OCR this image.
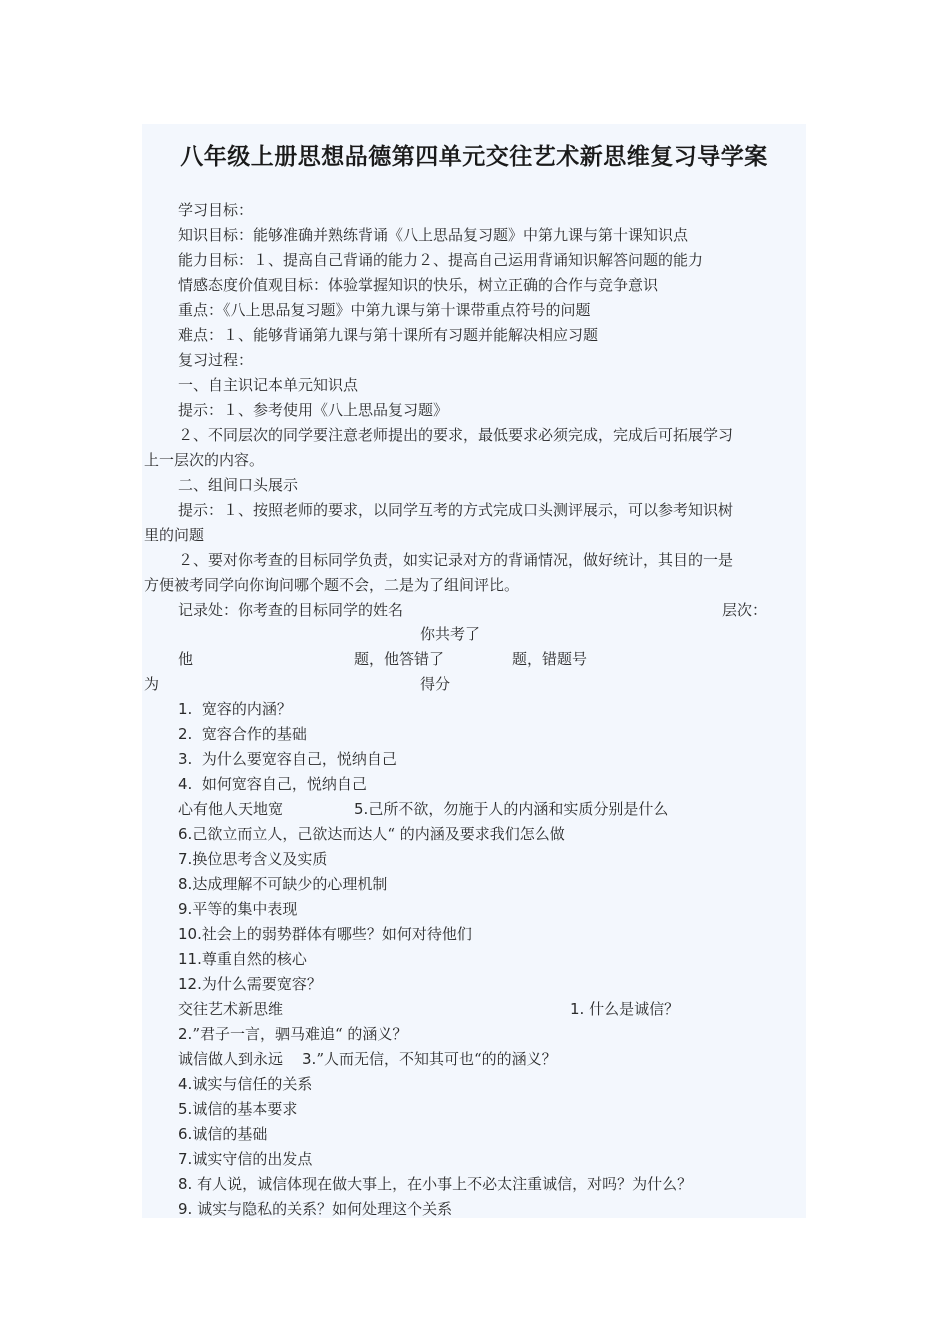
八年级上册思想品德第四单元交往艺术新思维复习导学案
学习目标：
知识目标：能够准确并熟练背诵《八上思品复习题》中第九课与第十课知识点
能力目标：１、提高自己背诵的能力２、提高自己运用背诵知识解答问题的能力
情感态度价值观目标：体验掌握知识的快乐，树立正确的合作与竞争意识
重点：《八上思品复习题》中第九课与第十课带重点符号的问题
难点：１、能够背诵第九课与第十课所有习题并能解决相应习题
复习过程：
一、自主识记本单元知识点
提示：１、参考使用《八上思品复习题》
２、不同层次的同学要注意老师提出的要求，最低要求必须完成，完成后可拓展学习
上一层次的内容。
二、组间口头展示
提示：１、按照老师的要求，以同学互考的方式完成口头测评展示，可以参考知识树
里的问题
２、要对你考查的目标同学负责，如实记录对方的背诵情况，做好统计，其目的一是
方便被考同学向你询问哪个题不会，二是为了组间评比。
记录处：你考查的目标同学的姓名	层次：
你共考了
他	题，他答错了	题，错题号
为	得分
1. 宽容的内涵？
2. 宽容合作的基础
3. 为什么要宽容自己，悦纳自己
4. 如何宽容自己，悦纳自己
心有他人天地宽	5.己所不欲，勿施于人的内涵和实质分别是什么
6.己欲立而立人，己欲达而达人“ 的内涵及要求我们怎么做
7.换位思考含义及实质
8.达成理解不可缺少的心理机制
9.平等的集中表现
10.社会上的弱势群体有哪些？如何对待他们
11.尊重自然的核心
12.为什么需要宽容？
交往艺术新思维	1. 什么是诚信？
2.”君子一言，驷马难追“ 的涵义？
诚信做人到永远 3.”人而无信，不知其可也“的的涵义？
4.诚实与信任的关系
5.诚信的基本要求
6.诚信的基础
7.诚实守信的出发点
8. 有人说，诚信体现在做大事上，在小事上不必太注重诚信，对吗？为什么？
9. 诚实与隐私的关系？如何处理这个关系
